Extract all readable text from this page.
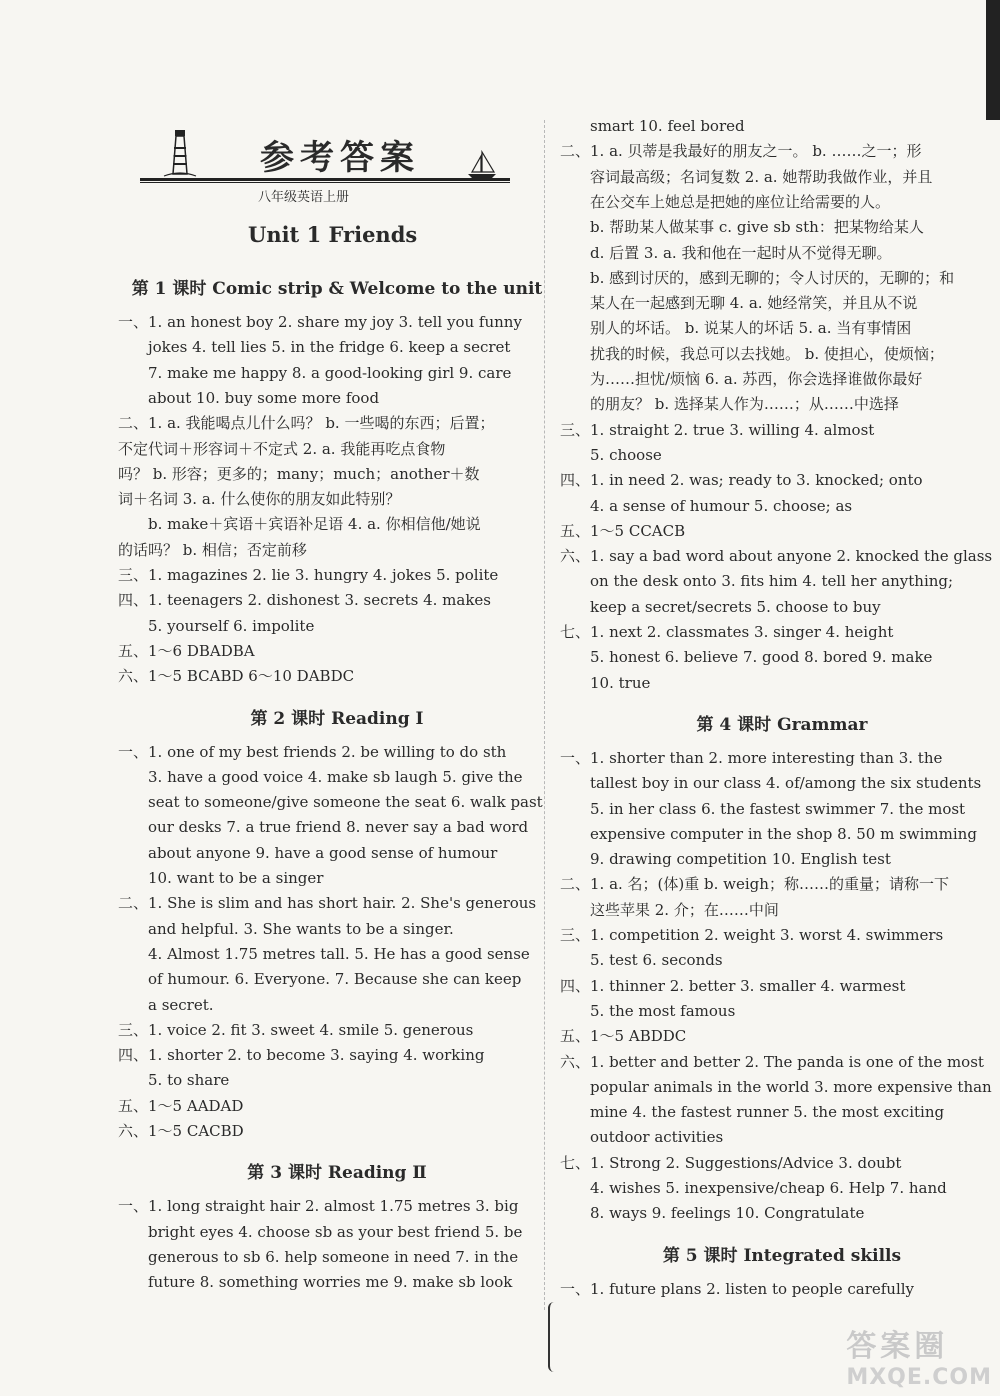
参考答案
八年级英语上册
Unit 1 Friends
第 1 课时 Comic strip & Welcome to the unit
一、1. an honest boy 2. share my joy 3. tell you funny
jokes 4. tell lies 5. in the fridge 6. keep a secret
7. make me happy 8. a good-looking girl 9. care
about 10. buy some more food
二、1. a. 我能喝点儿什么吗？ b. 一些喝的东西；后置；
不定代词＋形容词＋不定式 2. a. 我能再吃点食物
吗？ b. 形容；更多的；many；much；another＋数
词＋名词 3. a. 什么使你的朋友如此特别？
b. make＋宾语＋宾语补足语 4. a. 你相信他/她说
的话吗？ b. 相信；否定前移
三、1. magazines 2. lie 3. hungry 4. jokes 5. polite
四、1. teenagers 2. dishonest 3. secrets 4. makes
5. yourself 6. impolite
五、1～6 DBADBA
六、1～5 BCABD 6～10 DABDC
第 2 课时 Reading Ⅰ
一、1. one of my best friends 2. be willing to do sth
3. have a good voice 4. make sb laugh 5. give the
seat to someone/give someone the seat 6. walk past
our desks 7. a true friend 8. never say a bad word
about anyone 9. have a good sense of humour
10. want to be a singer
二、1. She is slim and has short hair. 2. She's generous
and helpful. 3. She wants to be a singer.
4. Almost 1.75 metres tall. 5. He has a good sense
of humour. 6. Everyone. 7. Because she can keep
a secret.
三、1. voice 2. fit 3. sweet 4. smile 5. generous
四、1. shorter 2. to become 3. saying 4. working
5. to share
五、1～5 AADAD
六、1～5 CACBD
第 3 课时 Reading Ⅱ
一、1. long straight hair 2. almost 1.75 metres 3. big
bright eyes 4. choose sb as your best friend 5. be
generous to sb 6. help someone in need 7. in the
future 8. something worries me 9. make sb look
smart 10. feel bored
二、1. a. 贝蒂是我最好的朋友之一。 b. ……之一；形
容词最高级；名词复数 2. a. 她帮助我做作业，并且
在公交车上她总是把她的座位让给需要的人。
b. 帮助某人做某事 c. give sb sth：把某物给某人
d. 后置 3. a. 我和他在一起时从不觉得无聊。
b. 感到讨厌的，感到无聊的；令人讨厌的，无聊的；和
某人在一起感到无聊 4. a. 她经常笑，并且从不说
别人的坏话。 b. 说某人的坏话 5. a. 当有事情困
扰我的时候，我总可以去找她。 b. 使担心，使烦恼；
为……担忧/烦恼 6. a. 苏西，你会选择谁做你最好
的朋友？ b. 选择某人作为……；从……中选择
三、1. straight 2. true 3. willing 4. almost
5. choose
四、1. in need 2. was; ready to 3. knocked; onto
4. a sense of humour 5. choose; as
五、1～5 CCACB
六、1. say a bad word about anyone 2. knocked the glass
on the desk onto 3. fits him 4. tell her anything;
keep a secret/secrets 5. choose to buy
七、1. next 2. classmates 3. singer 4. height
5. honest 6. believe 7. good 8. bored 9. make
10. true
第 4 课时 Grammar
一、1. shorter than 2. more interesting than 3. the
tallest boy in our class 4. of/among the six students
5. in her class 6. the fastest swimmer 7. the most
expensive computer in the shop 8. 50 m swimming
9. drawing competition 10. English test
二、1. a. 名；(体)重 b. weigh；称……的重量；请称一下
这些苹果 2. 介；在……中间
三、1. competition 2. weight 3. worst 4. swimmers
5. test 6. seconds
四、1. thinner 2. better 3. smaller 4. warmest
5. the most famous
五、1～5 ABDDC
六、1. better and better 2. The panda is one of the most
popular animals in the world 3. more expensive than
mine 4. the fastest runner 5. the most exciting
outdoor activities
七、1. Strong 2. Suggestions/Advice 3. doubt
4. wishes 5. inexpensive/cheap 6. Help 7. hand
8. ways 9. feelings 10. Congratulate
第 5 课时 Integrated skills
一、1. future plans 2. listen to people carefully
答案圈
MXQE.COM
